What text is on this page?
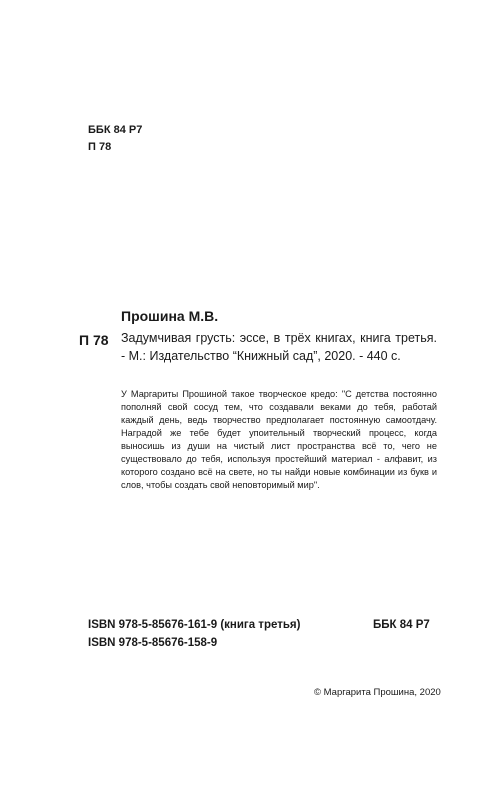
ББК 84 Р7
П 78
Прошина М.В.
П 78 Задумчивая грусть: эссе, в трёх книгах, книга третья. - М.: Издательство “Книжный сад”, 2020. - 440 с.
У Маргариты Прошиной такое творческое кредо: "С детства постоянно пополняй свой сосуд тем, что создавали веками до тебя, работай каждый день, ведь творчество предполагает постоянную самоотдачу. Наградой же тебе будет упоительный творческий процесс, когда выносишь из души на чистый лист пространства всё то, чего не существовало до тебя, используя простейший материал - алфавит, из которого создано всё на свете, но ты найди новые комбинации из букв и слов, чтобы создать свой неповторимый мир".
ISBN 978-5-85676-161-9 (книга третья)
ISBN 978-5-85676-158-9
ББК 84 Р7
© Маргарита Прошина, 2020
